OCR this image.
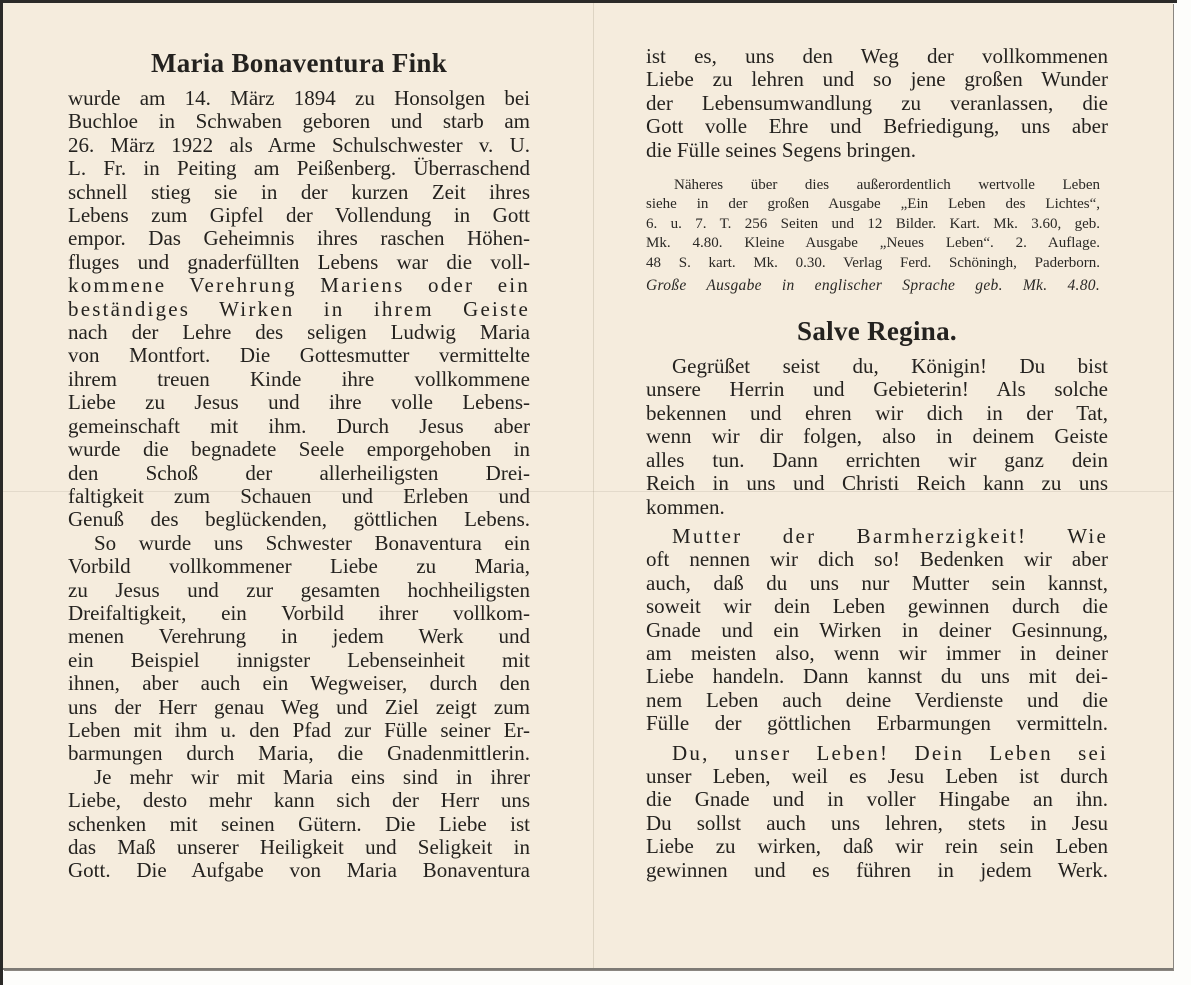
Maria Bonaventura Fink

wurde am 14. März 1894 zu Honsolgen bei
Buchloe in Schwaben geboren und starb am
26. März 1922 als Arme Schulschwester v. U.
L. Fr. in Peiting am Peißenberg. Überraschend
schnell stieg sie in der kurzen Zeit ihres
Lebens zum Gipfel der Vollendung in Gott
empor. Das Geheimnis ihres raschen Höhen-
fluges und gnaderfüllten Lebens war die voll-
kommene Verehrung Mariens oder ein
beständiges Wirken in ihrem Geiste
nach der Lehre des seligen Ludwig Maria
von Montfort. Die Gottesmutter vermittelte
ihrem treuen Kinde ihre vollkommene
Liebe zu Jesus und ihre volle Lebens-
gemeinschaft mit ihm. Durch Jesus aber
wurde die begnadete Seele emporgehoben in
den Schoß der allerheiligsten Drei-
faltigkeit zum Schauen und Erleben und
Genuß des beglückenden, göttlichen Lebens.

So wurde uns Schwester Bonaventura ein
Vorbild vollkommener Liebe zu Maria,
zu Jesus und zur gesamten hochheiligsten
Dreifaltigkeit, ein Vorbild ihrer vollkom-
menen Verehrung in jedem Werk und
ein Beispiel innigster Lebenseinheit mit
ihnen, aber auch ein Wegweiser, durch den
uns der Herr genau Weg und Ziel zeigt zum
Leben mit ihm u. den Pfad zur Fülle seiner Er-
barmungen durch Maria, die Gnadenmittlerin.

Je mehr wir mit Maria eins sind in ihrer
Liebe, desto mehr kann sich der Herr uns
schenken mit seinen Gütern. Die Liebe ist
das Maß unserer Heiligkeit und Seligkeit in
Gott. Die Aufgabe von Maria Bonaventura

ist es, uns den Weg der vollkommenen
Liebe zu lehren und so jene großen Wunder
der Lebensumwandlung zu veranlassen, die
Gott volle Ehre und Befriedigung, uns aber
die Fülle seines Segens bringen.

Näheres über dies außerordentlich wertvolle Leben
siehe in der großen Ausgabe „Ein Leben des Lichtes“,
6. u. 7. T. 256 Seiten und 12 Bilder. Kart. Mk. 3.60, geb.
Mk. 4.80. Kleine Ausgabe „Neues Leben“. 2. Auflage.
48 S. kart. Mk. 0.30. Verlag Ferd. Schöningh, Paderborn.

Große Ausgabe in englischer Sprache geb. Mk. 4.80.

Salve Regina.

Gegrüßet seist du, Königin! Du bist
unsere Herrin und Gebieterin! Als solche
bekennen und ehren wir dich in der Tat,
wenn wir dir folgen, also in deinem Geiste
alles tun. Dann errichten wir ganz dein
Reich in uns und Christi Reich kann zu uns
kommen.

Mutter der Barmherzigkeit! Wie
oft nennen wir dich so! Bedenken wir aber
auch, daß du uns nur Mutter sein kannst,
soweit wir dein Leben gewinnen durch die
Gnade und ein Wirken in deiner Gesinnung,
am meisten also, wenn wir immer in deiner
Liebe handeln. Dann kannst du uns mit dei-
nem Leben auch deine Verdienste und die
Fülle der göttlichen Erbarmungen vermitteln.

Du, unser Leben! Dein Leben sei
unser Leben, weil es Jesu Leben ist durch
die Gnade und in voller Hingabe an ihn.
Du sollst auch uns lehren, stets in Jesu
Liebe zu wirken, daß wir rein sein Leben
gewinnen und es führen in jedem Werk.
